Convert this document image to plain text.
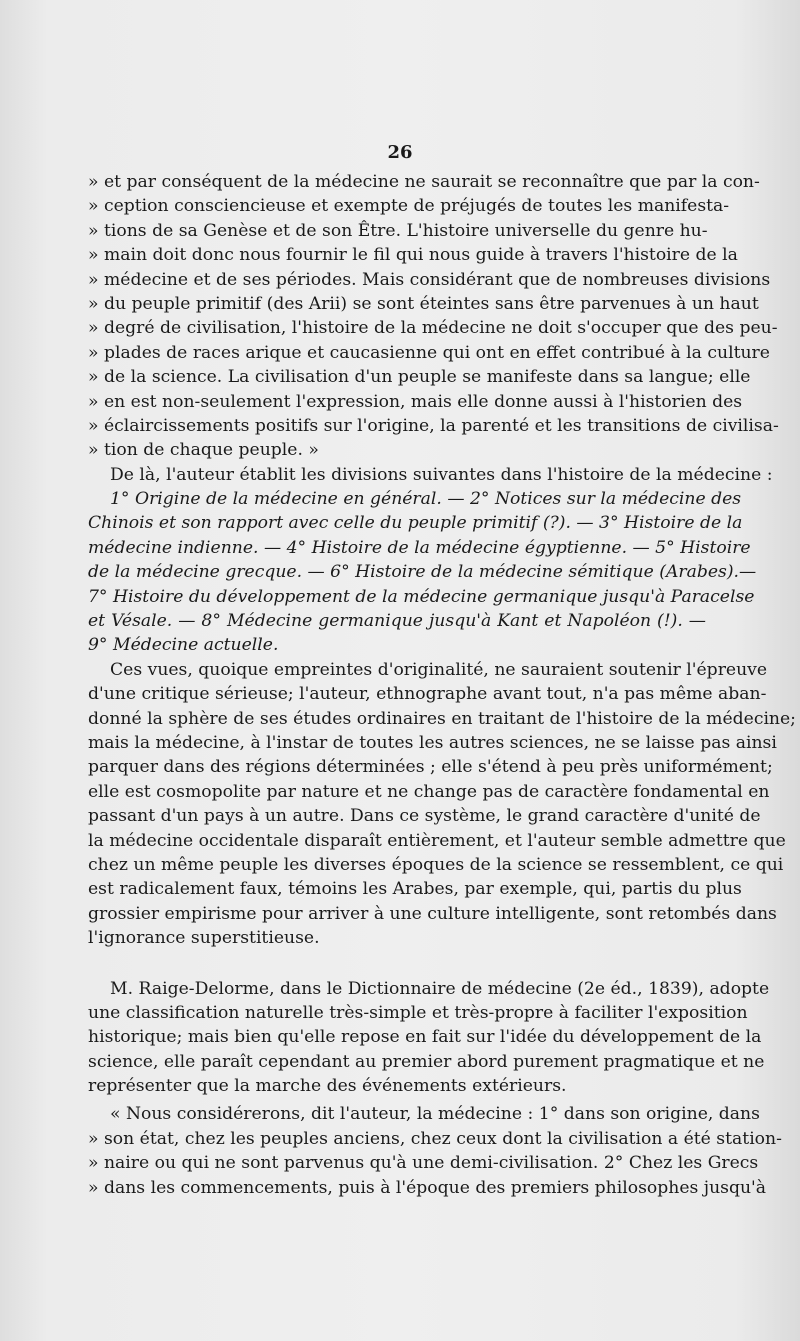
26
» et par conséquent de la médecine ne saurait se reconnaître que par la con-
» ception consciencieuse et exempte de préjugés de toutes les manifesta-
» tions de sa Genèse et de son Être. L'histoire universelle du genre hu-
» main doit donc nous fournir le fil qui nous guide à travers l'histoire de la
» médecine et de ses périodes. Mais considérant que de nombreuses divisions
» du peuple primitif (des Arii) se sont éteintes sans être parvenues à un haut
» degré de civilisation, l'histoire de la médecine ne doit s'occuper que des peu-
» plades de races arique et caucasienne qui ont en effet contribué à la culture
» de la science. La civilisation d'un peuple se manifeste dans sa langue; elle
» en est non-seulement l'expression, mais elle donne aussi à l'historien des
» éclaircissements positifs sur l'origine, la parenté et les transitions de civilisa-
» tion de chaque peuple. »
De là, l'auteur établit les divisions suivantes dans l'histoire de la médecine :
1° Origine de la médecine en général. — 2° Notices sur la médecine des
Chinois et son rapport avec celle du peuple primitif (?). — 3° Histoire de la
médecine indienne. — 4° Histoire de la médecine égyptienne. — 5° Histoire
de la médecine grecque. — 6° Histoire de la médecine sémitique (Arabes).—
7° Histoire du développement de la médecine germanique jusqu'à Paracelse
et Vésale. — 8° Médecine germanique jusqu'à Kant et Napoléon (!). —
9° Médecine actuelle.
Ces vues, quoique empreintes d'originalité, ne sauraient soutenir l'épreuve
d'une critique sérieuse; l'auteur, ethnographe avant tout, n'a pas même aban-
donné la sphère de ses études ordinaires en traitant de l'histoire de la médecine;
mais la médecine, à l'instar de toutes les autres sciences, ne se laisse pas ainsi
parquer dans des régions déterminées ; elle s'étend à peu près uniformément;
elle est cosmopolite par nature et ne change pas de caractère fondamental en
passant d'un pays à un autre. Dans ce système, le grand caractère d'unité de
la médecine occidentale disparaît entièrement, et l'auteur semble admettre que
chez un même peuple les diverses époques de la science se ressemblent, ce qui
est radicalement faux, témoins les Arabes, par exemple, qui, partis du plus
grossier empirisme pour arriver à une culture intelligente, sont retombés dans
l'ignorance superstitieuse.
M. Raige-Delorme, dans le Dictionnaire de médecine (2e éd., 1839), adopte
une classification naturelle très-simple et très-propre à faciliter l'exposition
historique; mais bien qu'elle repose en fait sur l'idée du développement de la
science, elle paraît cependant au premier abord purement pragmatique et ne
représenter que la marche des événements extérieurs.
« Nous considérerons, dit l'auteur, la médecine : 1° dans son origine, dans
» son état, chez les peuples anciens, chez ceux dont la civilisation a été station-
» naire ou qui ne sont parvenus qu'à une demi-civilisation. 2° Chez les Grecs
» dans les commencements, puis à l'époque des premiers philosophes jusqu'à
